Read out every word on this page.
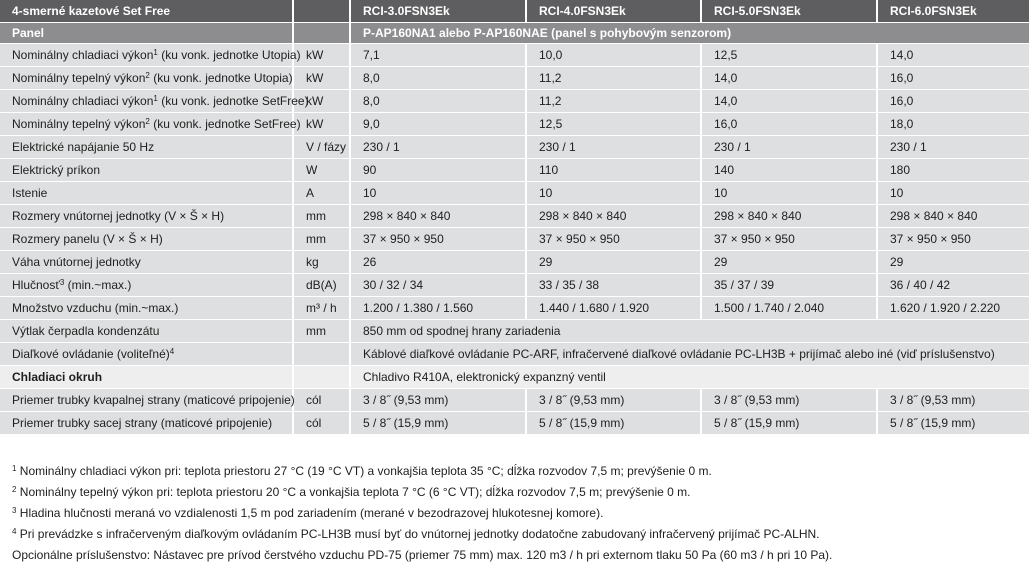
4-smerné kazetové Set Free		RCI-3.0FSN3Ek	RCI-4.0FSN3Ek	RCI-5.0FSN3Ek	RCI-6.0FSN3Ek
Panel		P-AP160NA1 alebo P-AP160NAE (panel s pohybovým senzorom)			
Nominálny chladiaci výkon$^1$ (ku vonk. jednotke Utopia)	kW	7,1	10,0	12,5	14,0
Nominálny tepelný výkon$^2$ (ku vonk. jednotke Utopia)	kW	8,0	11,2	14,0	16,0
Nominálny chladiaci výkon$^1$ (ku vonk. jednotke SetFree)	kW	8,0	11,2	14,0	16,0
Nominálny tepelný výkon$^2$ (ku vonk. jednotke SetFree)	kW	9,0	12,5	16,0	18,0
Elektrické napájanie 50 Hz	V / fázy	230 / 1	230 / 1	230 / 1	230 / 1
Elektrický príkon	W	90	110	140	180
Istenie	A	10	10	10	10
Rozmery vnútornej jednotky (V × Š × H)	mm	298 × 840 × 840	298 × 840 × 840	298 × 840 × 840	298 × 840 × 840
Rozmery panelu (V × Š × H)	mm	37 × 950 × 950	37 × 950 × 950	37 × 950 × 950	37 × 950 × 950
Váha vnútornej jednotky	kg	26	29	29	29
Hlučnosť$^3$ (min.~max.)	dB(A)	30 / 32 / 34	33 / 35 / 38	35 / 37 / 39	36 / 40 / 42
Množstvo vzduchu (min.~max.)	m³ / h	1.200 / 1.380 / 1.560	1.440 / 1.680 / 1.920	1.500 / 1.740 / 2.040	1.620 / 1.920 / 2.220
Výtlak čerpadla kondenzátu	mm	850 mm od spodnej hrany zariadenia			
Diaľkové ovládanie (voliteľné)$^4$		Káblové diaľkové ovládanie PC-ARF, infračervené diaľkové ovládanie PC-LH3B + prijímač alebo iné (viď príslušenstvo)			
Chladiaci okruh		Chladivo R410A, elektronický expanzný ventil			
Priemer trubky kvapalnej strany (maticové pripojenie)	cól	3 / 8˝ (9,53 mm)	3 / 8˝ (9,53 mm)	3 / 8˝ (9,53 mm)	3 / 8˝ (9,53 mm)
Priemer trubky sacej strany (maticové pripojenie)	cól	5 / 8˝ (15,9 mm)	5 / 8˝ (15,9 mm)	5 / 8˝ (15,9 mm)	5 / 8˝ (15,9 mm)
$^1$ Nominálny chladiaci výkon pri: teplota priestoru 27 °C (19 °C VT) a vonkajšia teplota 35 °C; dĺžka rozvodov 7,5 m; prevýšenie 0 m.
$^2$ Nominálny tepelný výkon pri: teplota priestoru 20 °C a vonkajšia teplota 7 °C (6 °C VT); dĺžka rozvodov 7,5 m; prevýšenie 0 m.
$^3$ Hladina hlučnosti meraná vo vzdialenosti 1,5 m pod zariadením (merané v bezodrazovej hlukotesnej komore).
$^4$ Pri prevádzke s infračerveným diaľkovým ovládaním PC-LH3B musí byť do vnútornej jednotky dodatočne zabudovaný infračervený prijímač PC-ALHN.
Opcionálne príslušenstvo: Nástavec pre prívod čerstvého vzduchu PD-75 (priemer 75 mm) max. 120 m3 / h pri externom tlaku 50 Pa (60 m3 / h pri 10 Pa).
